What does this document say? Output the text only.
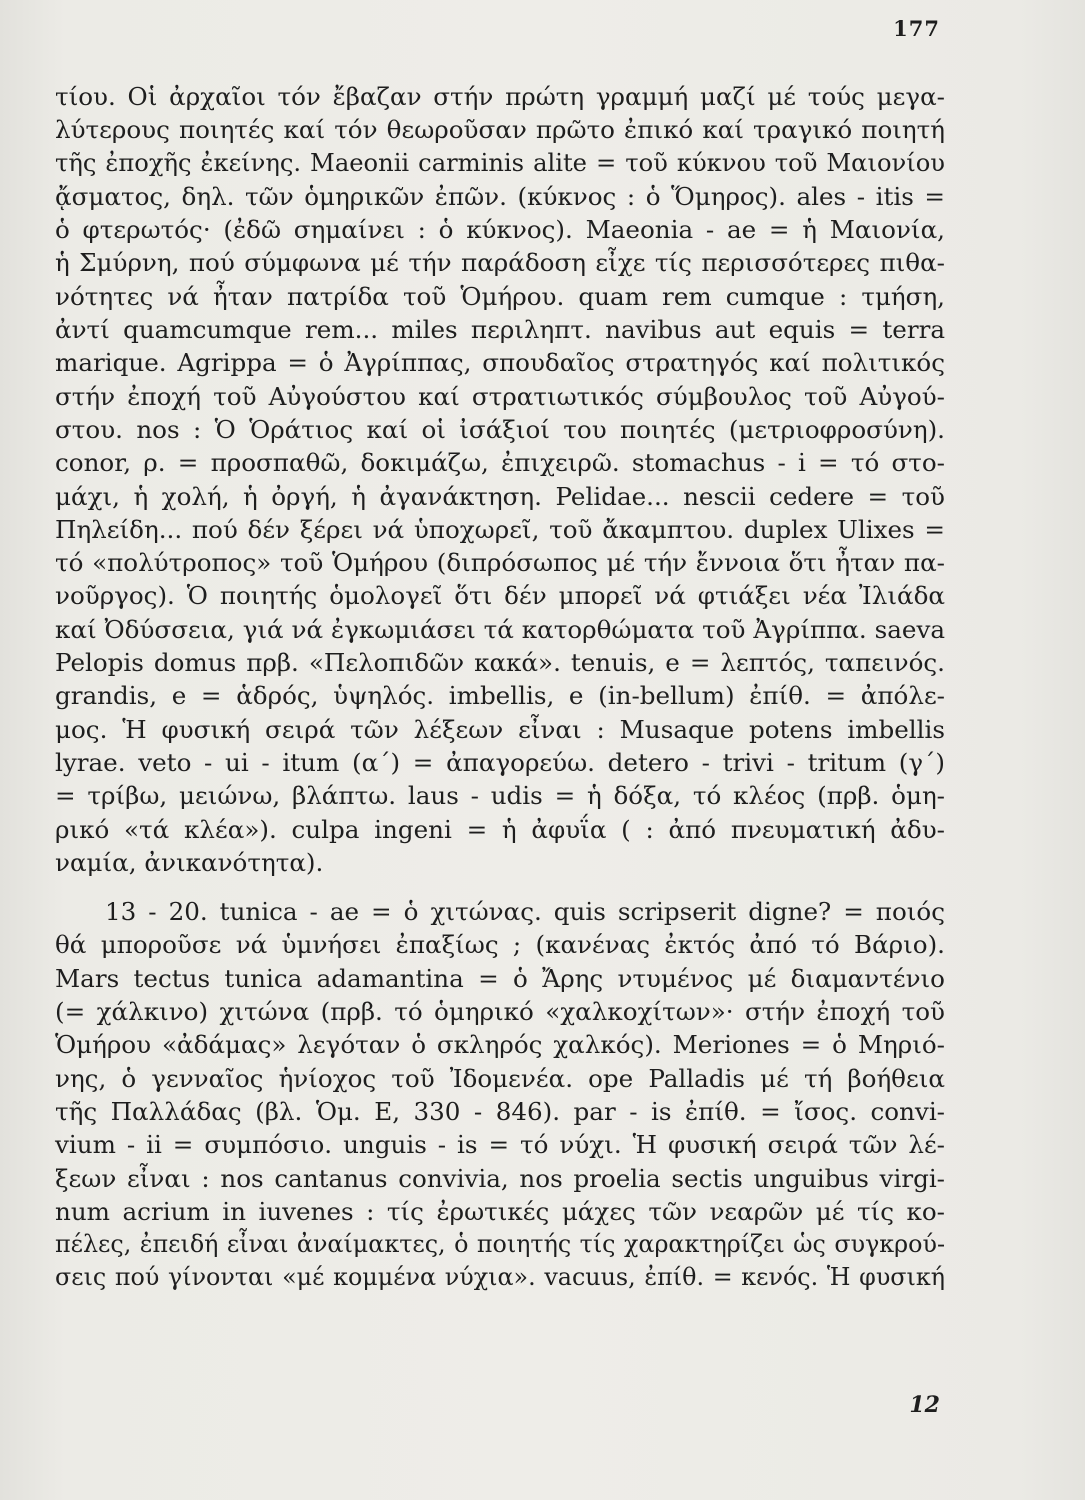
177

τίου. Οἱ ἀρχαῖοι τόν ἔβαζαν στήν πρώτη γραμμή μαζί μέ τούς μεγα-
λύτερους ποιητές καί τόν θεωροῦσαν πρῶτο ἐπικό καί τραγικό ποιητή
τῆς ἐποχῆς ἐκείνης. Maeonii carminis alite = τοῦ κύκνου τοῦ Μαιονίου
ᾄσματος, δηλ. τῶν ὁμηρικῶν ἐπῶν. (κύκνος : ὁ Ὅμηρος). ales - itis =
ὁ φτερωτός· (ἐδῶ σημαίνει : ὁ κύκνος). Maeonia - ae = ἡ Μαιονία,
ἡ Σμύρνη, πού σύμφωνα μέ τήν παράδοση εἶχε τίς περισσότερες πιθα-
νότητες νά ἦταν πατρίδα τοῦ Ὁμήρου. quam rem cumque : τμήση,
ἀντί quamcumque rem... miles περιληπτ. navibus aut equis = terra
marique. Agrippa = ὁ Ἀγρίππας, σπουδαῖος στρατηγός καί πολιτικός
στήν ἐποχή τοῦ Αὐγούστου καί στρατιωτικός σύμβουλος τοῦ Αὐγού-
στου. nos : Ὁ Ὁράτιος καί οἱ ἰσάξιοί του ποιητές (μετριοφροσύνη).
conor, ρ. = προσπαθῶ, δοκιμάζω, ἐπιχειρῶ. stomachus - i = τό στο-
μάχι, ἡ χολή, ἡ ὀργή, ἡ ἀγανάκτηση. Pelidae... nescii cedere = τοῦ
Πηλείδη... πού δέν ξέρει νά ὑποχωρεῖ, τοῦ ἄκαμπτου. duplex Ulixes =
τό «πολύτροπος» τοῦ Ὁμήρου (διπρόσωπος μέ τήν ἔννοια ὅτι ἦταν πα-
νοῦργος). Ὁ ποιητής ὁμολογεῖ ὅτι δέν μπορεῖ νά φτιάξει νέα Ἰλιάδα
καί Ὀδύσσεια, γιά νά ἐγκωμιάσει τά κατορθώματα τοῦ Ἀγρίππα. saeva
Pelopis domus πρβ. «Πελοπιδῶν κακά». tenuis, e = λεπτός, ταπεινός.
grandis, e = ἁδρός, ὑψηλός. imbellis, e (in-bellum) ἐπίθ. = ἀπόλε-
μος. Ἡ φυσική σειρά τῶν λέξεων εἶναι : Musaque potens imbellis
lyrae. veto - ui - itum (α΄) = ἀπαγορεύω. detero - trivi - tritum (γ΄)
= τρίβω, μειώνω, βλάπτω. laus - udis = ἡ δόξα, τό κλέος (πρβ. ὁμη-
ρικό «τά κλέα»). culpa ingeni = ἡ ἀφυΐα ( : ἀπό πνευματική ἀδυ-
ναμία, ἀνικανότητα).

13 - 20. tunica - ae = ὁ χιτώνας. quis scripserit digne? = ποιός
θά μποροῦσε νά ὑμνήσει ἐπαξίως ; (κανένας ἐκτός ἀπό τό Βάριο).
Mars tectus tunica adamantina = ὁ Ἄρης ντυμένος μέ διαμαντένιο
(= χάλκινο) χιτώνα (πρβ. τό ὁμηρικό «χαλκοχίτων»· στήν ἐποχή τοῦ
Ὁμήρου «ἀδάμας» λεγόταν ὁ σκληρός χαλκός). Meriones = ὁ Μηριό-
νης, ὁ γενναῖος ἡνίοχος τοῦ Ἰδομενέα. ope Palladis μέ τή βοήθεια
τῆς Παλλάδας (βλ. Ὁμ. Ε, 330 - 846). par - is ἐπίθ. = ἴσος. convi-
vium - ii = συμπόσιο. unguis - is = τό νύχι. Ἡ φυσική σειρά τῶν λέ-
ξεων εἶναι : nos cantanus convivia, nos proelia sectis unguibus virgi-
num acrium in iuvenes : τίς ἐρωτικές μάχες τῶν νεαρῶν μέ τίς κο-
πέλες, ἐπειδή εἶναι ἀναίμακτες, ὁ ποιητής τίς χαρακτηρίζει ὡς συγκρού-
σεις πού γίνονται «μέ κομμένα νύχια». vacuus, ἐπίθ. = κενός. Ἡ φυσική

12
